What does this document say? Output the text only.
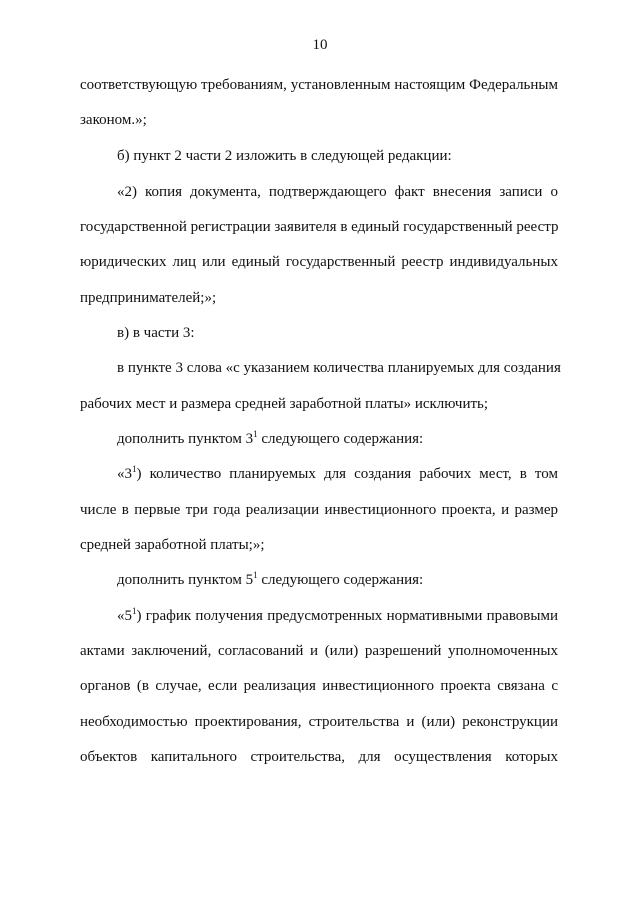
10
соответствующую требованиям, установленным настоящим Федеральным
законом.»;
б) пункт 2 части 2 изложить в следующей редакции:
«2) копия документа, подтверждающего факт внесения записи о
государственной регистрации заявителя в единый государственный реестр
юридических лиц или единый государственный реестр индивидуальных
предпринимателей;»;
в) в части 3:
в пункте 3 слова «с указанием количества планируемых для создания
рабочих мест и размера средней заработной платы» исключить;
дополнить пунктом $3^1$ следующего содержания:
«$3^1$ ) количество планируемых для создания рабочих мест, в том
числе в первые три года реализации инвестиционного проекта, и размер
средней заработной платы;»;
дополнить пунктом $5^1$ следующего содержания:
«$5^1$ ) график получения предусмотренных нормативными правовыми
актами заключений, согласований и (или) разрешений уполномоченных
органов (в случае, если реализация инвестиционного проекта связана с
необходимостью проектирования, строительства и (или) реконструкции
объектов капитального строительства, для осуществления которых
